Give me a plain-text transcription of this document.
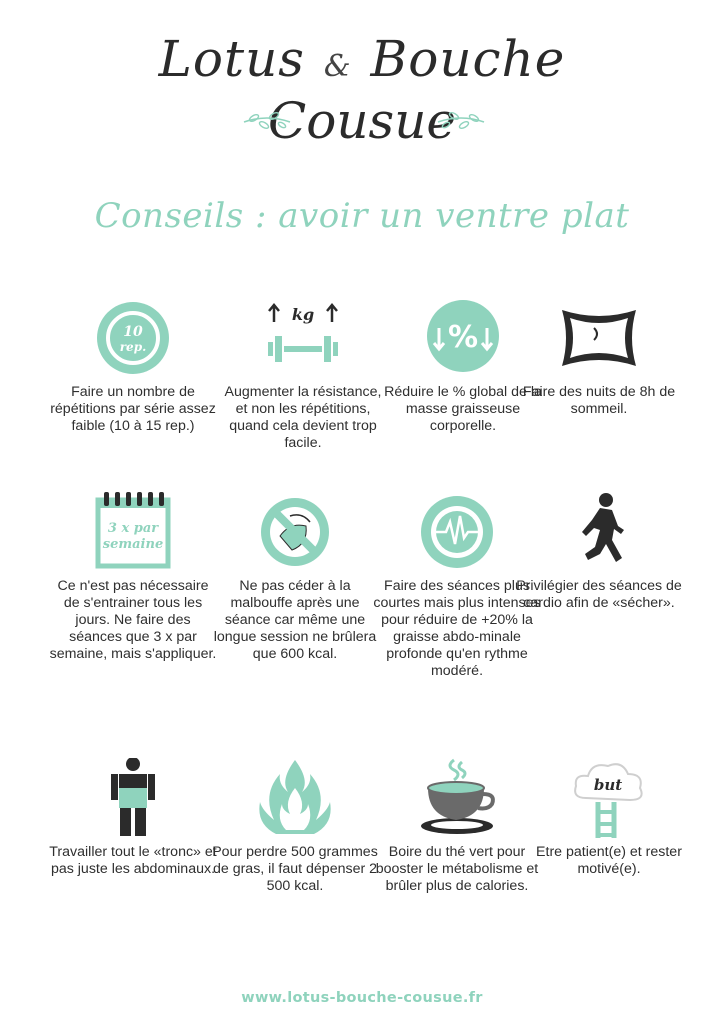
Lotus & Bouche
Cousue
Conseils : avoir un ventre plat
10
rep.
Faire un nombre de répétitions par série assez faible (10 à 15 rep.)
kg
Augmenter la résistance, et non les répétitions, quand cela devient trop facile.
%
Réduire le % global de la masse graisseuse corporelle.
Faire des nuits de 8h de sommeil.
3 x par
semaine
Ce n'est pas nécessaire de s'entrainer tous les jours. Ne faire des séances que 3 x par semaine, mais s'appliquer.
Ne pas céder à la malbouffe après une séance car même une longue session ne brûlera que 600 kcal.
Faire des séances plus courtes mais plus intenses pour réduire de +20% la graisse abdo-minale profonde qu'en rythme modéré.
Privilégier des séances de cardio afin de «sécher».
Travailler tout le «tronc» et pas juste les abdominaux.
Pour perdre 500 grammes de gras, il faut dépenser 2 500 kcal.
Boire du thé vert pour booster le métabolisme et brûler plus de calories.
but
Etre patient(e) et rester motivé(e).
www.lotus-bouche-cousue.fr
